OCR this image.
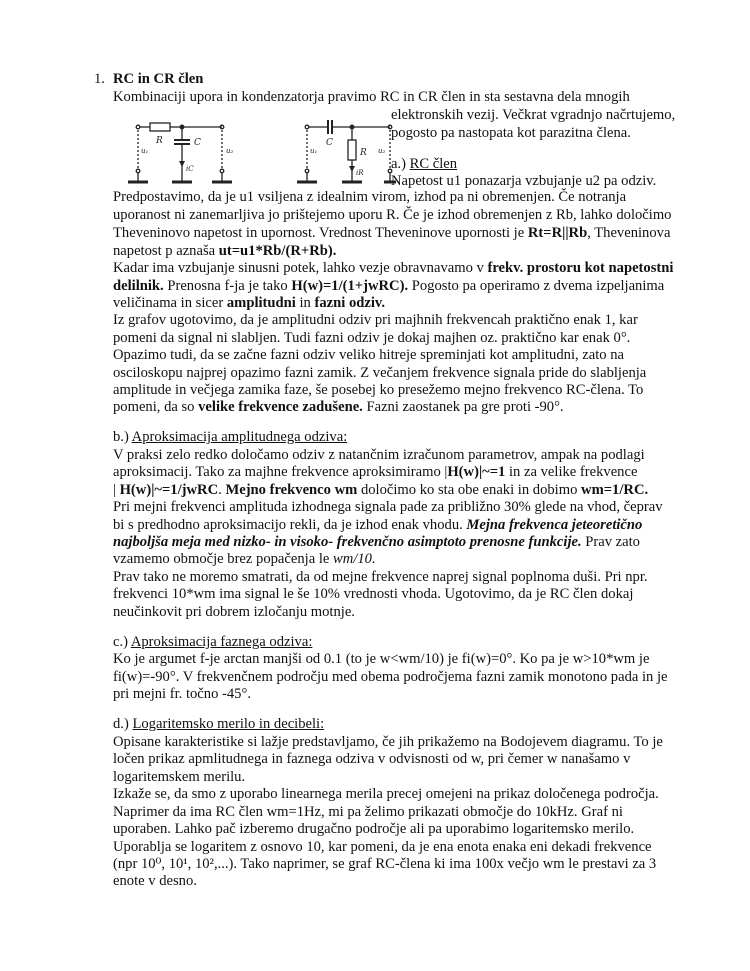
1. RC in CR člen
Kombinaciji upora in kondenzatorja pravimo RC in CR člen in sta sestavna dela mnogih
elektronskih vezij. Večkrat vgradnjo načrtujemo,
pogosto pa nastopata kot parazitna člena.
R	C
u₁	u₂
iC
C
R
u₁	u₂
iR
a.) RC člen
Napetost u1 ponazarja vzbujanje u2 pa odziv.
Predpostavimo, da je u1 vsiljena z idealnim virom, izhod pa ni obremenjen. Če notranja
uporanost ni zanemarljiva jo prištejemo uporu R. Če je izhod obremenjen z Rb, lahko določimo
Theveninovo napetost in upornost. Vrednost Theveninove upornosti je Rt=R||Rb, Theveninova
napetost p aznaša ut=u1*Rb/(R+Rb).
Kadar ima vzbujanje sinusni potek, lahko vezje obravnavamo v frekv. prostoru kot napetostni
delilnik. Prenosna f-ja je tako H(w)=1/(1+jwRC). Pogosto pa operiramo z dvema izpeljanima
veličinama in sicer amplitudni in fazni odziv.
Iz grafov ugotovimo, da je amplitudni odziv pri majhnih frekvencah praktično enak 1, kar
pomeni da signal ni slabljen. Tudi fazni odziv je dokaj majhen oz. praktično kar enak 0°.
Opazimo tudi, da se začne fazni odziv veliko hitreje spreminjati kot amplitudni, zato na
osciloskopu najprej opazimo fazni zamik. Z večanjem frekvence signala pride do slabljenja
amplitude in večjega zamika faze, še posebej ko presežemo mejno frekvenco RC-člena. To
pomeni, da so velike frekvence zadušene. Fazni zaostanek pa gre proti -90°.
b.) Aproksimacija amplitudnega odziva:
V praksi zelo redko določamo odziv z natančnim izračunom parametrov, ampak na podlagi
aproksimacij. Tako za majhne frekvence aproksimiramo |H(w)|~=1 in za velike frekvence
| H(w)|~=1/jwRC. Mejno frekvenco wm določimo ko sta obe enaki in dobimo wm=1/RC.
Pri mejni frekvenci amplituda izhodnega signala pade za približno 30% glede na vhod, čeprav
bi s predhodno aproksimacijo rekli, da je izhod enak vhodu. Mejna frekvenca jeteoretično
najboljša meja med nizko- in visoko- frekvenčno asimptoto prenosne funkcije. Prav zato
vzamemo območje brez popačenja le wm/10.
Prav tako ne moremo smatrati, da od mejne frekvence naprej signal poplnoma duši. Pri npr.
frekvenci 10*wm ima signal le še 10% vrednosti vhoda. Ugotovimo, da je RC člen dokaj
neučinkovit pri dobrem izločanju motnje.
c.) Aproksimacija faznega odziva:
Ko je argumet f-je arctan manjši od 0.1 (to je w<wm/10) je fi(w)=0°. Ko pa je w>10*wm je
fi(w)=-90°. V frekvenčnem področju med obema področjema fazni zamik monotono pada in je
pri mejni fr. točno -45°.
d.) Logaritemsko merilo in decibeli:
Opisane karakteristike si lažje predstavljamo, če jih prikažemo na Bodojevem diagramu. To je
ločen prikaz apmlitudnega in faznega odziva v odvisnosti od w, pri čemer w nanašamo v
logaritemskem merilu.
Izkaže se, da smo z uporabo linearnega merila precej omejeni na prikaz določenega področja.
Naprimer da ima RC člen wm=1Hz, mi pa želimo prikazati območje do 10kHz. Graf ni
uporaben. Lahko pač izberemo drugačno področje ali pa uporabimo logaritemsko merilo.
Uporablja se logaritem z osnovo 10, kar pomeni, da je ena enota enaka eni dekadi frekvence
(npr 10⁰, 10¹, 10²,...). Tako naprimer, se graf RC-člena ki ima 100x večjo wm le prestavi za 3
enote v desno.
